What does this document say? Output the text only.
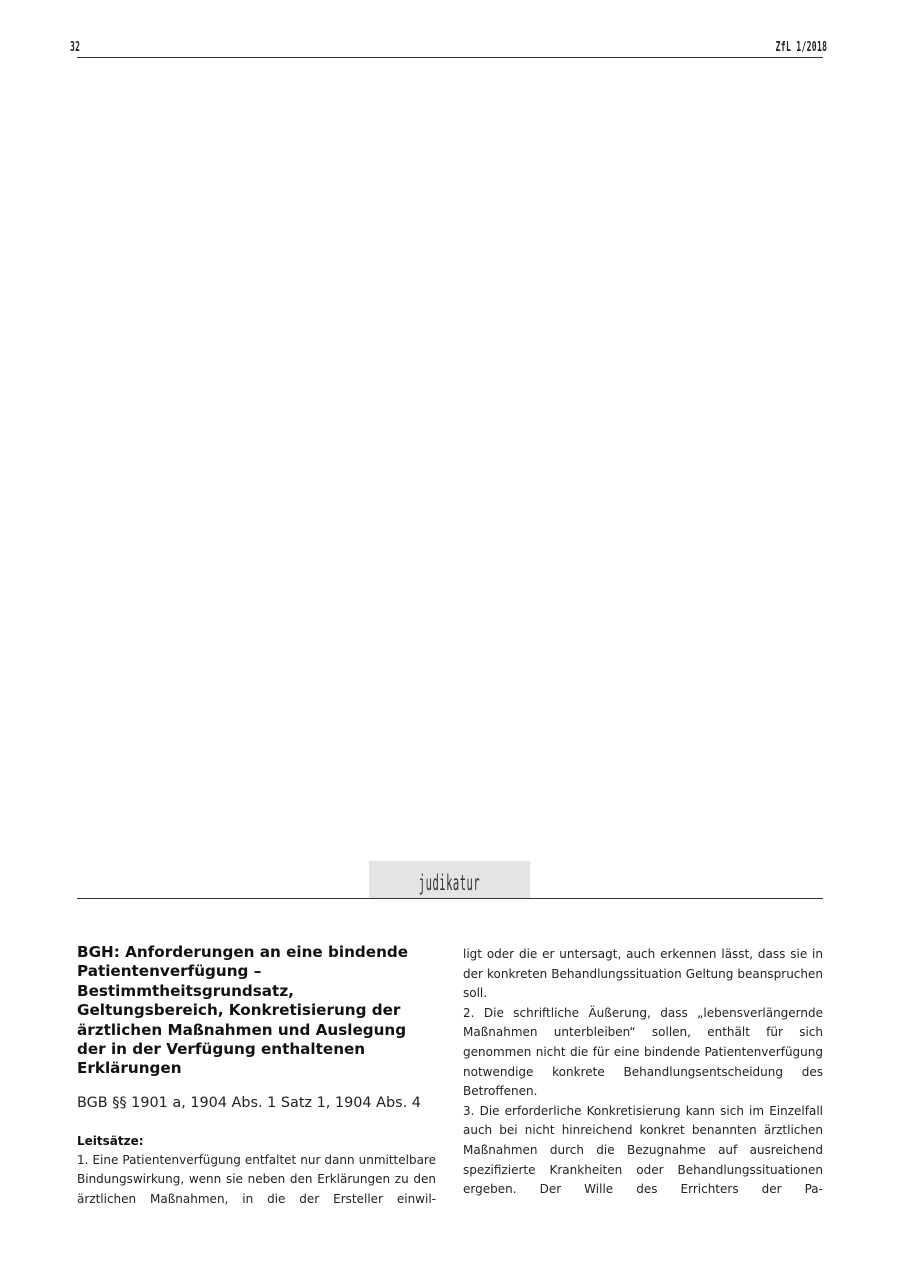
32	ZfL 1/2018
judikatur
BGH: Anforderungen an eine bindende Patientenverfügung – Bestimmtheitsgrundsatz, Geltungsbereich, Konkretisierung der ärztlichen Maßnahmen und Auslegung der in der Verfügung enthaltenen Erklärungen
BGB §§ 1901 a, 1904 Abs. 1 Satz 1, 1904 Abs. 4
Leitsätze:

1. Eine Patientenverfügung entfaltet nur dann unmittelbare Bindungswirkung, wenn sie neben den Erklärungen zu den ärztlichen Maßnahmen, in die der Ersteller einwil-

ligt oder die er untersagt, auch erkennen lässt, dass sie in der konkreten Behandlungssituation Geltung beanspruchen soll.

2. Die schriftliche Äußerung, dass „lebensverlängernde Maßnahmen unterbleiben“ sollen, enthält für sich genommen nicht die für eine bindende Patientenverfügung notwendige konkrete Behandlungsentscheidung des Betroffenen.

3. Die erforderliche Konkretisierung kann sich im Einzelfall auch bei nicht hinreichend konkret benannten ärztlichen Maßnahmen durch die Bezugnahme auf ausreichend spezifizierte Krankheiten oder Behandlungssituationen ergeben. Der Wille des Errichters der Pa-
